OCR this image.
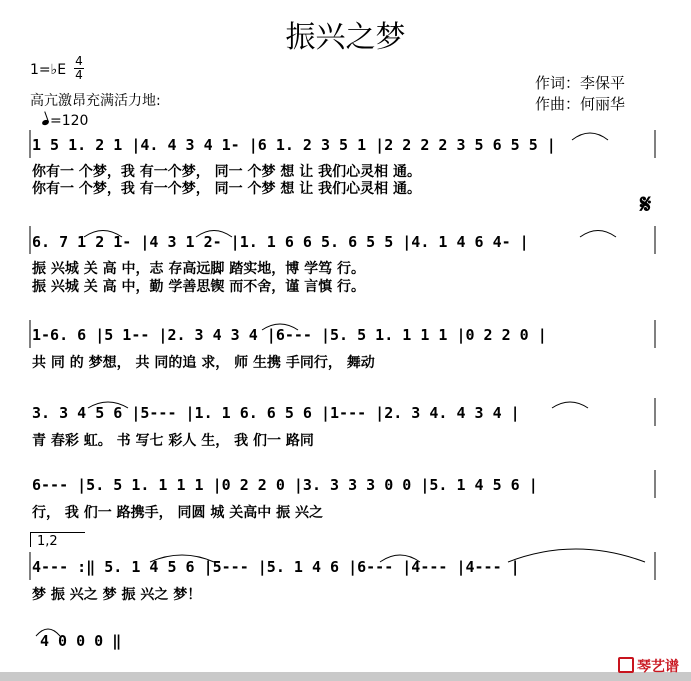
振兴之梦
1=♭E
4
4
高亢激昂充满活力地:
=120
作词：李保平
作曲：何丽华
𝄋
1,2
1 5 1. 2 1 |4. 4 3 4 1- |6 1. 2 3 5 1 |2 2 2 2 3 5 6 5 5 |
你有一 个梦，我 有一个梦， 同一 个梦 想 让 我们心灵相 通。
你有一 个梦，我 有一个梦， 同一 个梦 想 让 我们心灵相 通。
6. 7 1 2 1- |4 3 1 2- |1. 1 6 6 5. 6 5 5 |4. 1 4 6 4- |
振 兴城 关 高 中，志 存高远脚 踏实地，博 学笃 行。
振 兴城 关 高 中，勤 学善思锲 而不舍，谨 言慎 行。
1-6. 6 |5 1-- |2. 3 4 3 4 |6--- |5. 5 1. 1 1 1 |0 2 2 0 |
共 同 的 梦想， 共 同的追 求， 师 生携 手同行， 舞动
3. 3 4 5 6 |5--- |1. 1 6. 6 5 6 |1--- |2. 3 4. 4 3 4 |
青 春彩 虹。 书 写七 彩人 生， 我 们一 路同
6--- |5. 5 1. 1 1 1 |0 2 2 0 |3. 3 3 3 0 0 |5. 1 4 5 6 |
行， 我 们一 路携手， 同圆 城 关高中 振 兴之
4--- :‖ 5. 1 4 5 6 |5--- |5. 1 4 6 |6--- |4--- |4--- |
梦 振 兴之 梦 振 兴之 梦！
4 0 0 0 ‖
琴艺谱
